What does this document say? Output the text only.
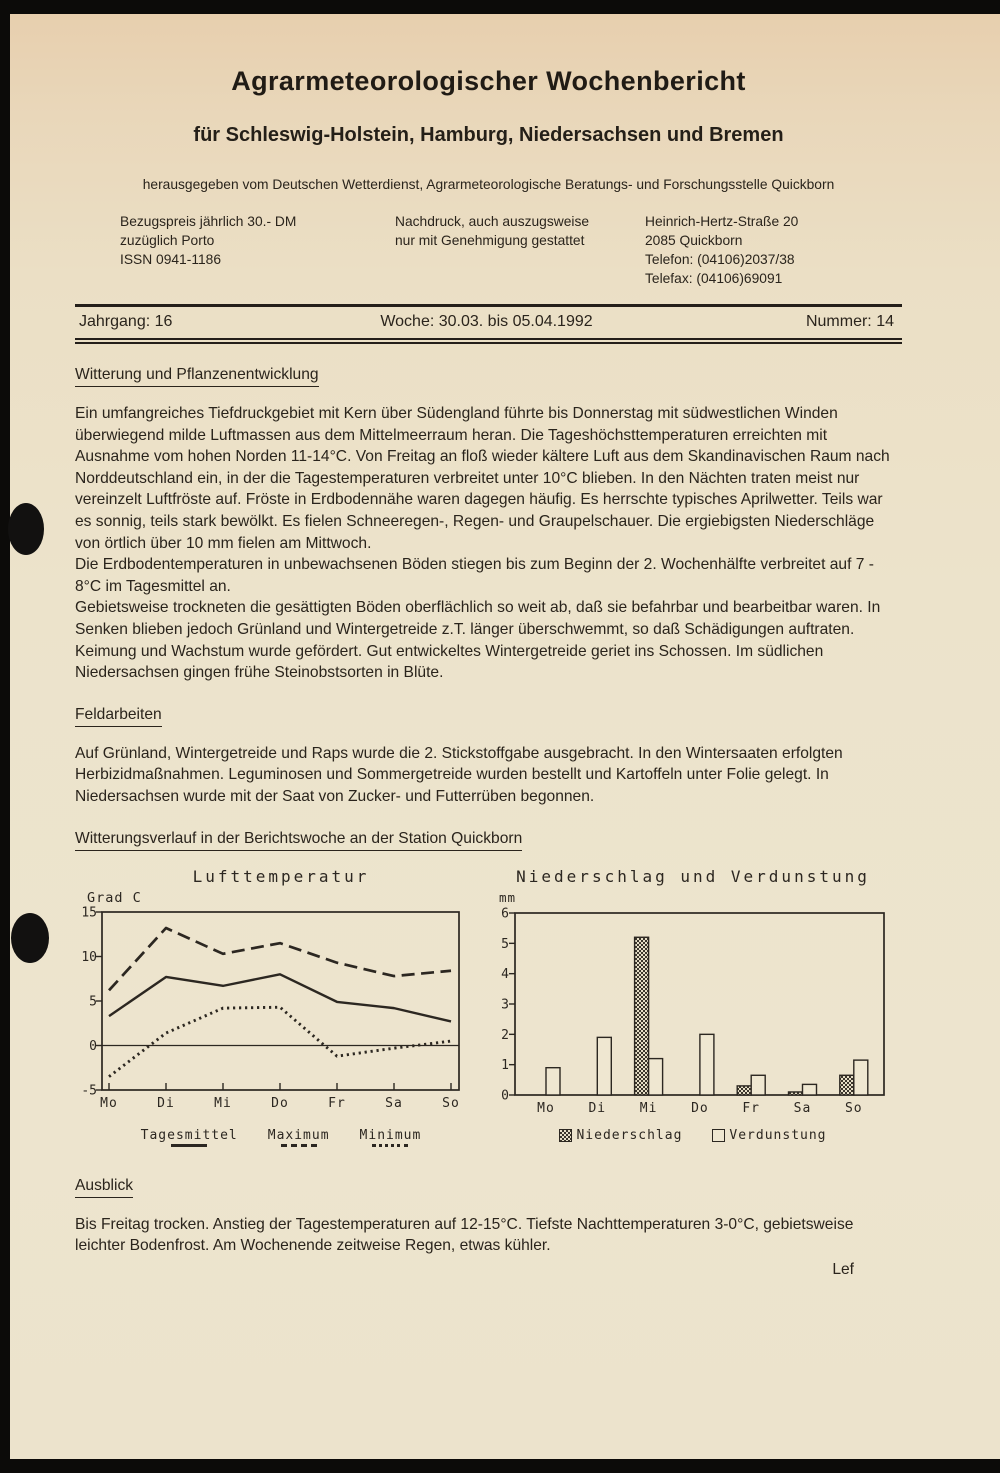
Agrarmeteorologischer Wochenbericht
für Schleswig-Holstein, Hamburg, Niedersachsen und Bremen

herausgegeben vom Deutschen Wetterdienst, Agrarmeteorologische Beratungs- und Forschungsstelle Quickborn

Bezugspreis jährlich 30.- DM
zuzüglich Porto
ISSN 0941-1186
Nachdruck, auch auszugsweise
nur mit Genehmigung gestattet
Heinrich-Hertz-Straße 20
2085 Quickborn
Telefon: (04106)2037/38
Telefax: (04106)69091
Jahrgang: 16	Woche: 30.03. bis 05.04.1992	Nummer: 14
Witterung und Pflanzenentwicklung

Ein umfangreiches Tiefdruckgebiet mit Kern über Südengland führte bis Donnerstag mit südwestlichen Winden überwiegend milde Luftmassen aus dem Mittelmeerraum heran. Die Tageshöchsttemperaturen erreichten mit Ausnahme vom hohen Norden 11-14°C. Von Freitag an floß wieder kältere Luft aus dem Skandinavischen Raum nach Norddeutschland ein, in der die Tagestemperaturen verbreitet unter 10°C blieben. In den Nächten traten meist nur vereinzelt Luftfröste auf. Fröste in Erdbodennähe waren dagegen häufig. Es herrschte typisches Aprilwetter. Teils war es sonnig, teils stark bewölkt. Es fielen Schneeregen-, Regen- und Graupelschauer. Die ergiebigsten Niederschläge von örtlich über 10 mm fielen am Mittwoch.

Die Erdbodentemperaturen in unbewachsenen Böden stiegen bis zum Beginn der 2. Wochenhälfte verbreitet auf 7 - 8°C im Tagesmittel an.

Gebietsweise trockneten die gesättigten Böden oberflächlich so weit ab, daß sie befahrbar und bearbeitbar waren. In Senken blieben jedoch Grünland und Wintergetreide z.T. länger überschwemmt, so daß Schädigungen auftraten. Keimung und Wachstum wurde gefördert. Gut entwickeltes Wintergetreide geriet ins Schossen. Im südlichen Niedersachsen gingen frühe Steinobstsorten in Blüte.

Feldarbeiten

Auf Grünland, Wintergetreide und Raps wurde die 2. Stickstoffgabe ausgebracht. In den Wintersaaten erfolgten Herbizidmaßnahmen. Leguminosen und Sommergetreide wurden bestellt und Kartoffeln unter Folie gelegt. In Niedersachsen wurde mit der Saat von Zucker- und Futterrüben begonnen.

Witterungsverlauf in der Berichtswoche an der Station Quickborn
Lufttemperatur
Grad C
15
10
5
0
-5
Mo	Di	Mi	Do	Fr	Sa	So
Tagesmittel Maximum Minimum
Niederschlag und Verdunstung
mm
6
5
4
3
2
1
0
Mo	Di	Mi	Do	Fr	Sa	So
Niederschlag	Verdunstung
Ausblick

Bis Freitag trocken. Anstieg der Tagestemperaturen auf 12-15°C. Tiefste Nachttemperaturen 3-0°C, gebietsweise leichter Bodenfrost. Am Wochenende zeitweise Regen, etwas kühler.

Lef
